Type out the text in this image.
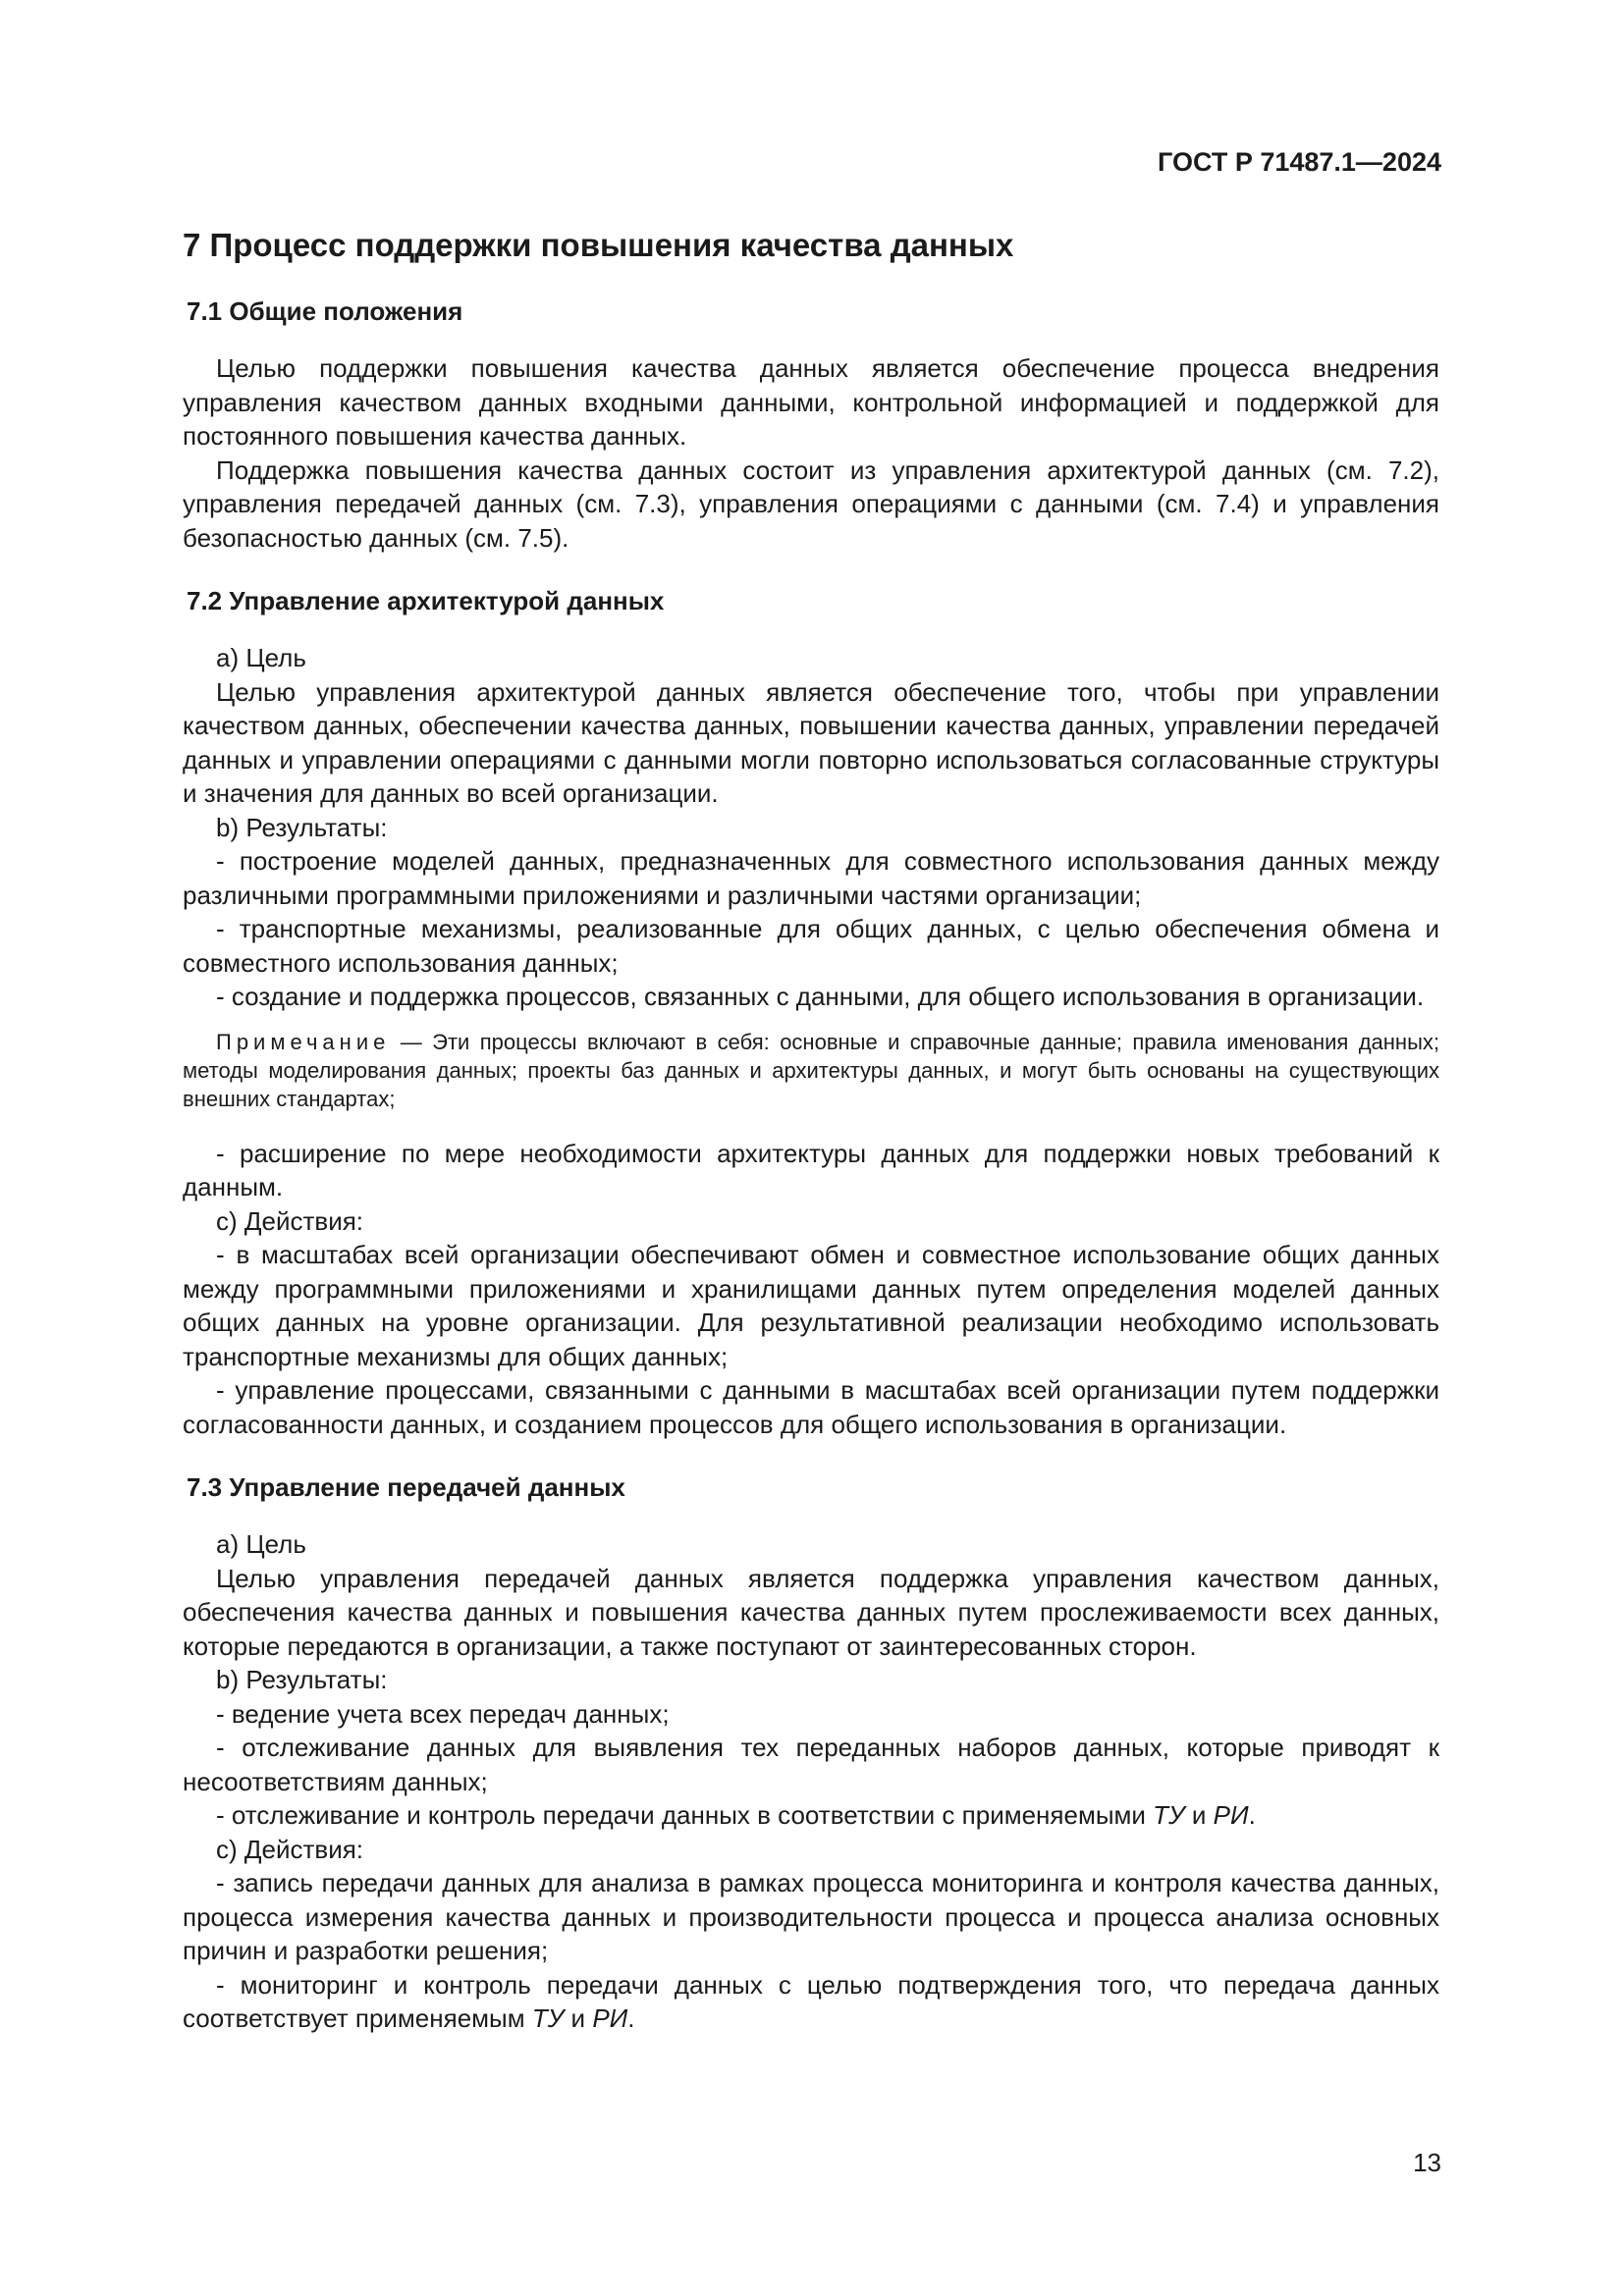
ГОСТ Р 71487.1—2024
7 Процесс поддержки повышения качества данных
7.1 Общие положения

Целью поддержки повышения качества данных является обеспечение процесса внедрения управления качеством данных входными данными, контрольной информацией и поддержкой для постоянного повышения качества данных.

Поддержка повышения качества данных состоит из управления архитектурой данных (см. 7.2), управления передачей данных (см. 7.3), управления операциями с данными (см. 7.4) и управления безопасностью данных (см. 7.5).

7.2 Управление архитектурой данных

a) Цель

Целью управления архитектурой данных является обеспечение того, чтобы при управлении качеством данных, обеспечении качества данных, повышении качества данных, управлении передачей данных и управлении операциями с данными могли повторно использоваться согласованные структуры и значения для данных во всей организации.

b) Результаты:

- построение моделей данных, предназначенных для совместного использования данных между различными программными приложениями и различными частями организации;

- транспортные механизмы, реализованные для общих данных, с целью обеспечения обмена и совместного использования данных;

- создание и поддержка процессов, связанных с данными, для общего использования в организации.

Примечание — Эти процессы включают в себя: основные и справочные данные; правила именования данных; методы моделирования данных; проекты баз данных и архитектуры данных, и могут быть основаны на существующих внешних стандартах;

- расширение по мере необходимости архитектуры данных для поддержки новых требований к данным.

c) Действия:

- в масштабах всей организации обеспечивают обмен и совместное использование общих данных между программными приложениями и хранилищами данных путем определения моделей данных общих данных на уровне организации. Для результативной реализации необходимо использовать транспортные механизмы для общих данных;

- управление процессами, связанными с данными в масштабах всей организации путем поддержки согласованности данных, и созданием процессов для общего использования в организации.

7.3 Управление передачей данных

a) Цель

Целью управления передачей данных является поддержка управления качеством данных, обеспечения качества данных и повышения качества данных путем прослеживаемости всех данных, которые передаются в организации, а также поступают от заинтересованных сторон.

b) Результаты:

- ведение учета всех передач данных;

- отслеживание данных для выявления тех переданных наборов данных, которые приводят к несоответствиям данных;

- отслеживание и контроль передачи данных в соответствии с применяемыми ТУ и РИ.

c) Действия:

- запись передачи данных для анализа в рамках процесса мониторинга и контроля качества данных, процесса измерения качества данных и производительности процесса и процесса анализа основных причин и разработки решения;

- мониторинг и контроль передачи данных с целью подтверждения того, что передача данных соответствует применяемым ТУ и РИ.

13
